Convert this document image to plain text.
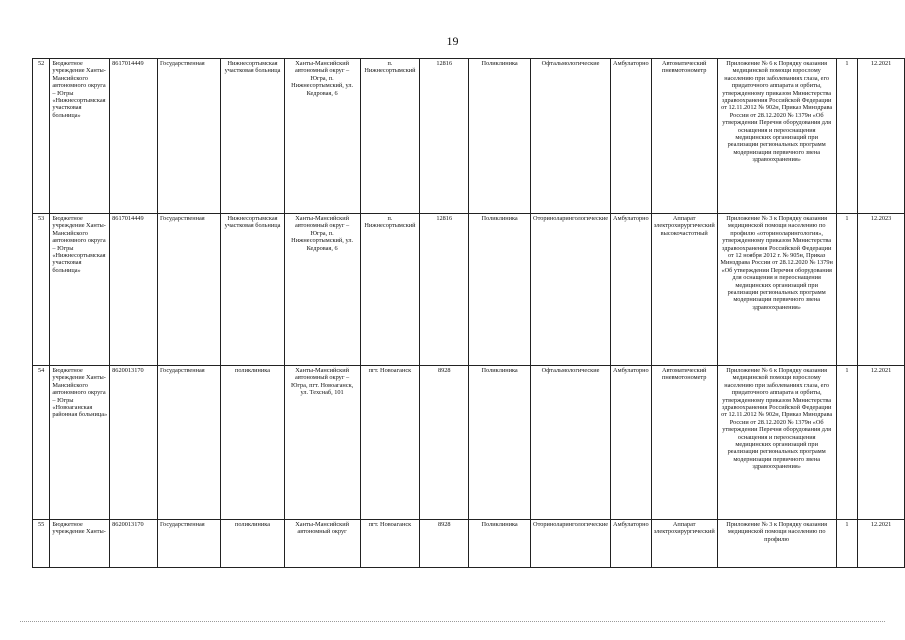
19
52	Бюджетное учреждение Ханты-Мансийского автономного округа – Югры «Нижнесортымская участковая больница»	8617014449	Государственная	Нижнесортымская участковая больница	Ханты-Мансийский автономный округ – Югра, п. Нижнесортымский, ул. Кедровая, 6	п. Нижнесортымский	12816	Поликлиника	Офтальмологические	Амбулаторно	Автоматический пневмотонометр	Приложение № 6 к Порядку оказания медицинской помощи взрослому населению при заболеваниях глаза, его придаточного аппарата и орбиты, утвержденному приказом Министерства здравоохранения Российской Федерации от 12.11.2012 № 902н, Приказ Минздрава России от 28.12.2020 № 1379н «Об утверждении Перечня оборудования для оснащения и переоснащения медицинских организаций при реализации региональных программ модернизации первичного звена здравоохранения»	1	12.2021
53	Бюджетное учреждение Ханты-Мансийского автономного округа – Югры «Нижнесортымская участковая больница»	8617014449	Государственная	Нижнесортымская участковая больница	Ханты-Мансийский автономный округ – Югра, п. Нижнесортымский, ул. Кедровая, 6	п. Нижнесортымский	12816	Поликлиника	Оториноларингологические	Амбулаторно	Аппарат электрохирургический высокочастотный	Приложение № 3 к Порядку оказания медицинской помощи населению по профилю «оториноларингология», утвержденному приказом Министерства здравоохранения Российской Федерации от 12 ноября 2012 г. № 905н, Приказ Минздрава России от 28.12.2020 № 1379н «Об утверждении Перечня оборудования для оснащения и переоснащения медицинских организаций при реализации региональных программ модернизации первичного звена здравоохранения»	1	12.2023
54	Бюджетное учреждение Ханты-Мансийского автономного округа – Югры «Новоаганская районная больница»	8620013170	Государственная	поликлиника	Ханты-Мансийский автономный округ – Югра, пгт. Новоаганск, ул. Техснаб, 101	пгт. Новоаганск	8928	Поликлиника	Офтальмологические	Амбулаторно	Автоматический пневмотонометр	Приложение № 6 к Порядку оказания медицинской помощи взрослому населению при заболеваниях глаза, его придаточного аппарата и орбиты, утвержденному приказом Министерства здравоохранения Российской Федерации от 12.11.2012 № 902н, Приказ Минздрава России от 28.12.2020 № 1379н «Об утверждении Перечня оборудования для оснащения и переоснащения медицинских организаций при реализации региональных программ модернизации первичного звена здравоохранения»	1	12.2021
55	Бюджетное учреждение Ханты-	8620013170	Государственная	поликлиника	Ханты-Мансийский автономный округ	пгт. Новоаганск	8928	Поликлиника	Оториноларингологические	Амбулаторно	Аппарат электрохирургический	Приложение № 3 к Порядку оказания медицинской помощи населению по профилю	1	12.2021
